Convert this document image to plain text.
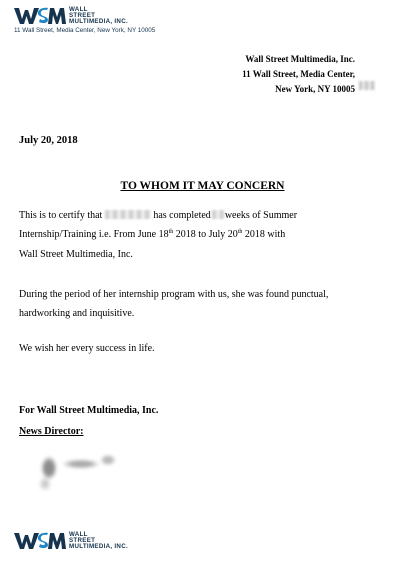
WALL
STREET
MULTIMEDIA, INC.
11 Wall Street, Media Center, New York, NY 10005
Wall Street Multimedia, Inc.
11 Wall Street, Media Center,
New York, NY 10005
July 20, 2018
TO WHOM IT MAY CONCERN
This is to certify that	has completed weeks of Summer
Internship/Training i.e. From June 18th 2018 to July 20th 2018 with
Wall Street Multimedia, Inc.
During the period of her internship program with us, she was found punctual,
hardworking and inquisitive.
We wish her every success in life.
For Wall Street Multimedia, Inc.
News Director:
WALL
STREET
MULTIMEDIA, INC.
